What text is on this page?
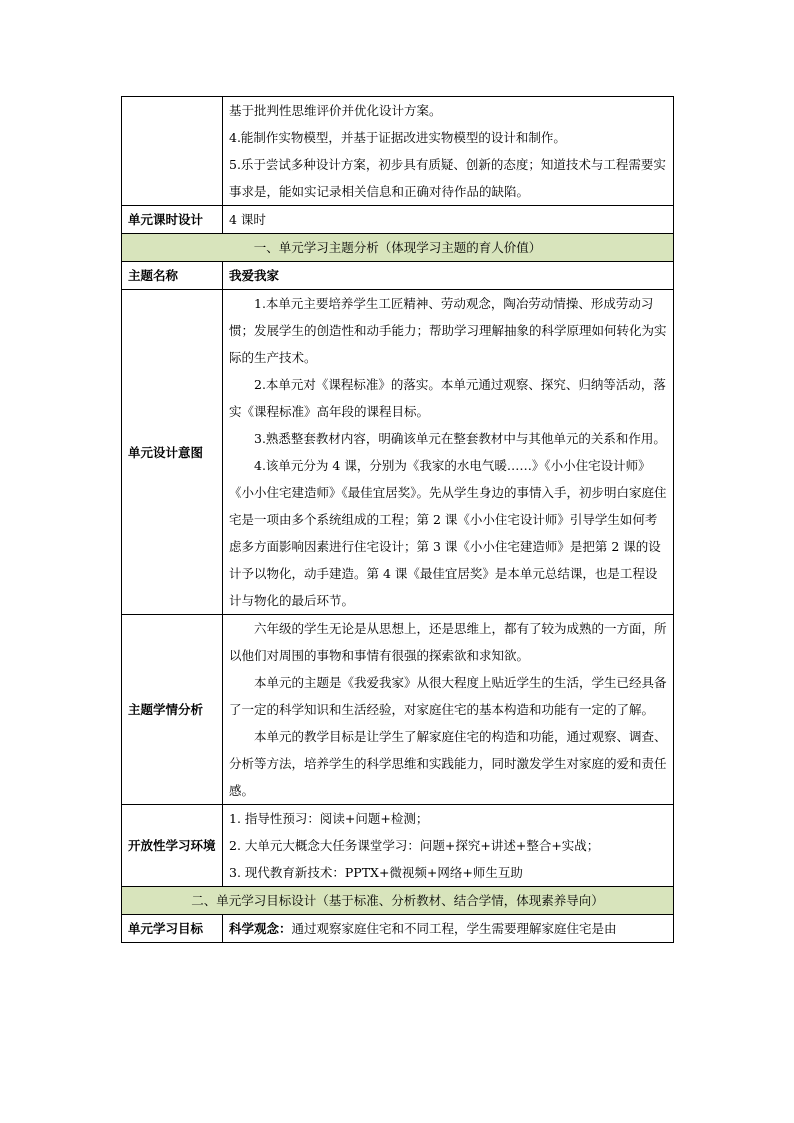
	基于批判性思维评价并优化设计方案。

4.能制作实物模型，并基于证据改进实物模型的设计和制作。

5.乐于尝试多种设计方案，初步具有质疑、创新的态度；知道技术与工程需要实事求是，能如实记录相关信息和正确对待作品的缺陷。

单元课时设计	4 课时
一、单元学习主题分析（体现学习主题的育人价值）	
主题名称	我爱我家
单元设计意图	1.本单元主要培养学生工匠精神、劳动观念，陶冶劳动情操、形成劳动习惯；发展学生的创造性和动手能力；帮助学习理解抽象的科学原理如何转化为实际的生产技术。

2.本单元对《课程标准》的落实。本单元通过观察、探究、归纳等活动，落实《课程标准》高年段的课程目标。

3.熟悉整套教材内容，明确该单元在整套教材中与其他单元的关系和作用。

4.该单元分为 4 课，分别为《我家的水电气暖……》《小小住宅设计师》《小小住宅建造师》《最佳宜居奖》。先从学生身边的事情入手，初步明白家庭住宅是一项由多个系统组成的工程；第 2 课《小小住宅设计师》引导学生如何考虑多方面影响因素进行住宅设计；第 3 课《小小住宅建造师》是把第 2 课的设计予以物化，动手建造。第 4 课《最佳宜居奖》是本单元总结课，也是工程设计与物化的最后环节。

主题学情分析	六年级的学生无论是从思想上，还是思维上，都有了较为成熟的一方面，所以他们对周围的事物和事情有很强的探索欲和求知欲。

本单元的主题是《我爱我家》从很大程度上贴近学生的生活，学生已经具备了一定的科学知识和生活经验，对家庭住宅的基本构造和功能有一定的了解。

本单元的教学目标是让学生了解家庭住宅的构造和功能，通过观察、调查、分析等方法，培养学生的科学思维和实践能力，同时激发学生对家庭的爱和责任感。

开放性学习环境	1. 指导性预习：阅读+问题+检测；

2. 大单元大概念大任务课堂学习：问题+探究+讲述+整合+实战；

3. 现代教育新技术：PPTX+微视频+网络+师生互助

二、单元学习目标设计（基于标准、分析教材、结合学情，体现素养导向）	
单元学习目标	科学观念：通过观察家庭住宅和不同工程，学生需要理解家庭住宅是由
